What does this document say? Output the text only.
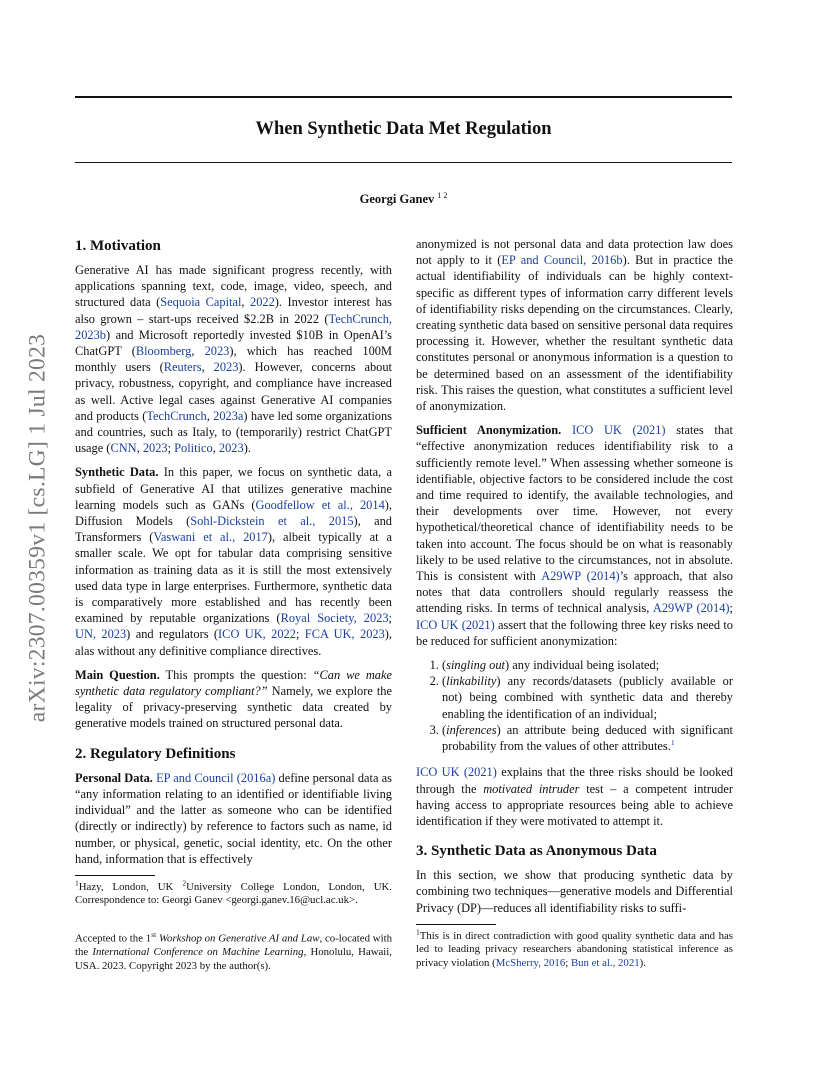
arXiv:2307.00359v1 [cs.LG] 1 Jul 2023
When Synthetic Data Met Regulation
Georgi Ganev $^{1 2}$
1. Motivation

Generative AI has made significant progress recently, with applications spanning text, code, image, video, speech, and structured data (Sequoia Capital, 2022). Investor interest has also grown – start-ups received $2.2B in 2022 (TechCrunch, 2023b) and Microsoft reportedly invested $10B in OpenAI’s ChatGPT (Bloomberg, 2023), which has reached 100M monthly users (Reuters, 2023). However, concerns about privacy, robustness, copyright, and compliance have increased as well. Active legal cases against Generative AI companies and products (TechCrunch, 2023a) have led some organizations and countries, such as Italy, to (temporarily) restrict ChatGPT usage (CNN, 2023; Politico, 2023).

Synthetic Data. In this paper, we focus on synthetic data, a subfield of Generative AI that utilizes generative machine learning models such as GANs (Goodfellow et al., 2014), Diffusion Models (Sohl-Dickstein et al., 2015), and Transformers (Vaswani et al., 2017), albeit typically at a smaller scale. We opt for tabular data comprising sensitive information as training data as it is still the most extensively used data type in large enterprises. Furthermore, synthetic data is comparatively more established and has recently been examined by reputable organizations (Royal Society, 2023; UN, 2023) and regulators (ICO UK, 2022; FCA UK, 2023), alas without any definitive compliance directives.

Main Question. This prompts the question: “Can we make synthetic data regulatory compliant?” Namely, we explore the legality of privacy-preserving synthetic data created by generative models trained on structured personal data.

2. Regulatory Definitions

Personal Data. EP and Council (2016a) define personal data as “any information relating to an identified or identifiable living individual” and the latter as someone who can be identified (directly or indirectly) by reference to factors such as name, id number, or physical, genetic, social identity, etc. On the other hand, information that is effectively

$^1$Hazy, London, UK $^2$University College London, London, UK. Correspondence to: Georgi Ganev <georgi.ganev.16@ucl.ac.uk>.
Accepted to the 1st Workshop on Generative AI and Law, co-located with the International Conference on Machine Learning, Honolulu, Hawaii, USA. 2023. Copyright 2023 by the author(s).

anonymized is not personal data and data protection law does not apply to it (EP and Council, 2016b). But in practice the actual identifiability of individuals can be highly context-specific as different types of information carry different levels of identifiability risks depending on the circumstances. Clearly, creating synthetic data based on sensitive personal data requires processing it. However, whether the resultant synthetic data constitutes personal or anonymous information is a question to be determined based on an assessment of the identifiability risk. This raises the question, what constitutes a sufficient level of anonymization.

Sufficient Anonymization. ICO UK (2021) states that “effective anonymization reduces identifiability risk to a sufficiently remote level.” When assessing whether someone is identifiable, objective factors to be considered include the cost and time required to identify, the available technologies, and their developments over time. However, not every hypothetical/theoretical chance of identifiability needs to be taken into account. The focus should be on what is reasonably likely to be used relative to the circumstances, not in absolute. This is consistent with A29WP (2014)’s approach, that also notes that data controllers should regularly reassess the attending risks. In terms of technical analysis, A29WP (2014); ICO UK (2021) assert that the following three key risks need to be reduced for sufficient anonymization:

1. (singling out) any individual being isolated;
2. (linkability) any records/datasets (publicly available or not) being combined with synthetic data and thereby enabling the identification of an individual;
3. (inferences) an attribute being deduced with significant probability from the values of other attributes.$^1$

ICO UK (2021) explains that the three risks should be looked through the motivated intruder test – a competent intruder having access to appropriate resources being able to achieve identification if they were motivated to attempt it.

3. Synthetic Data as Anonymous Data

In this section, we show that producing synthetic data by combining two techniques—generative models and Differential Privacy (DP)—reduces all identifiability risks to suffi-

$^1$This is in direct contradiction with good quality synthetic data and has led to leading privacy researchers abandoning statistical inference as privacy violation (McSherry, 2016; Bun et al., 2021).
